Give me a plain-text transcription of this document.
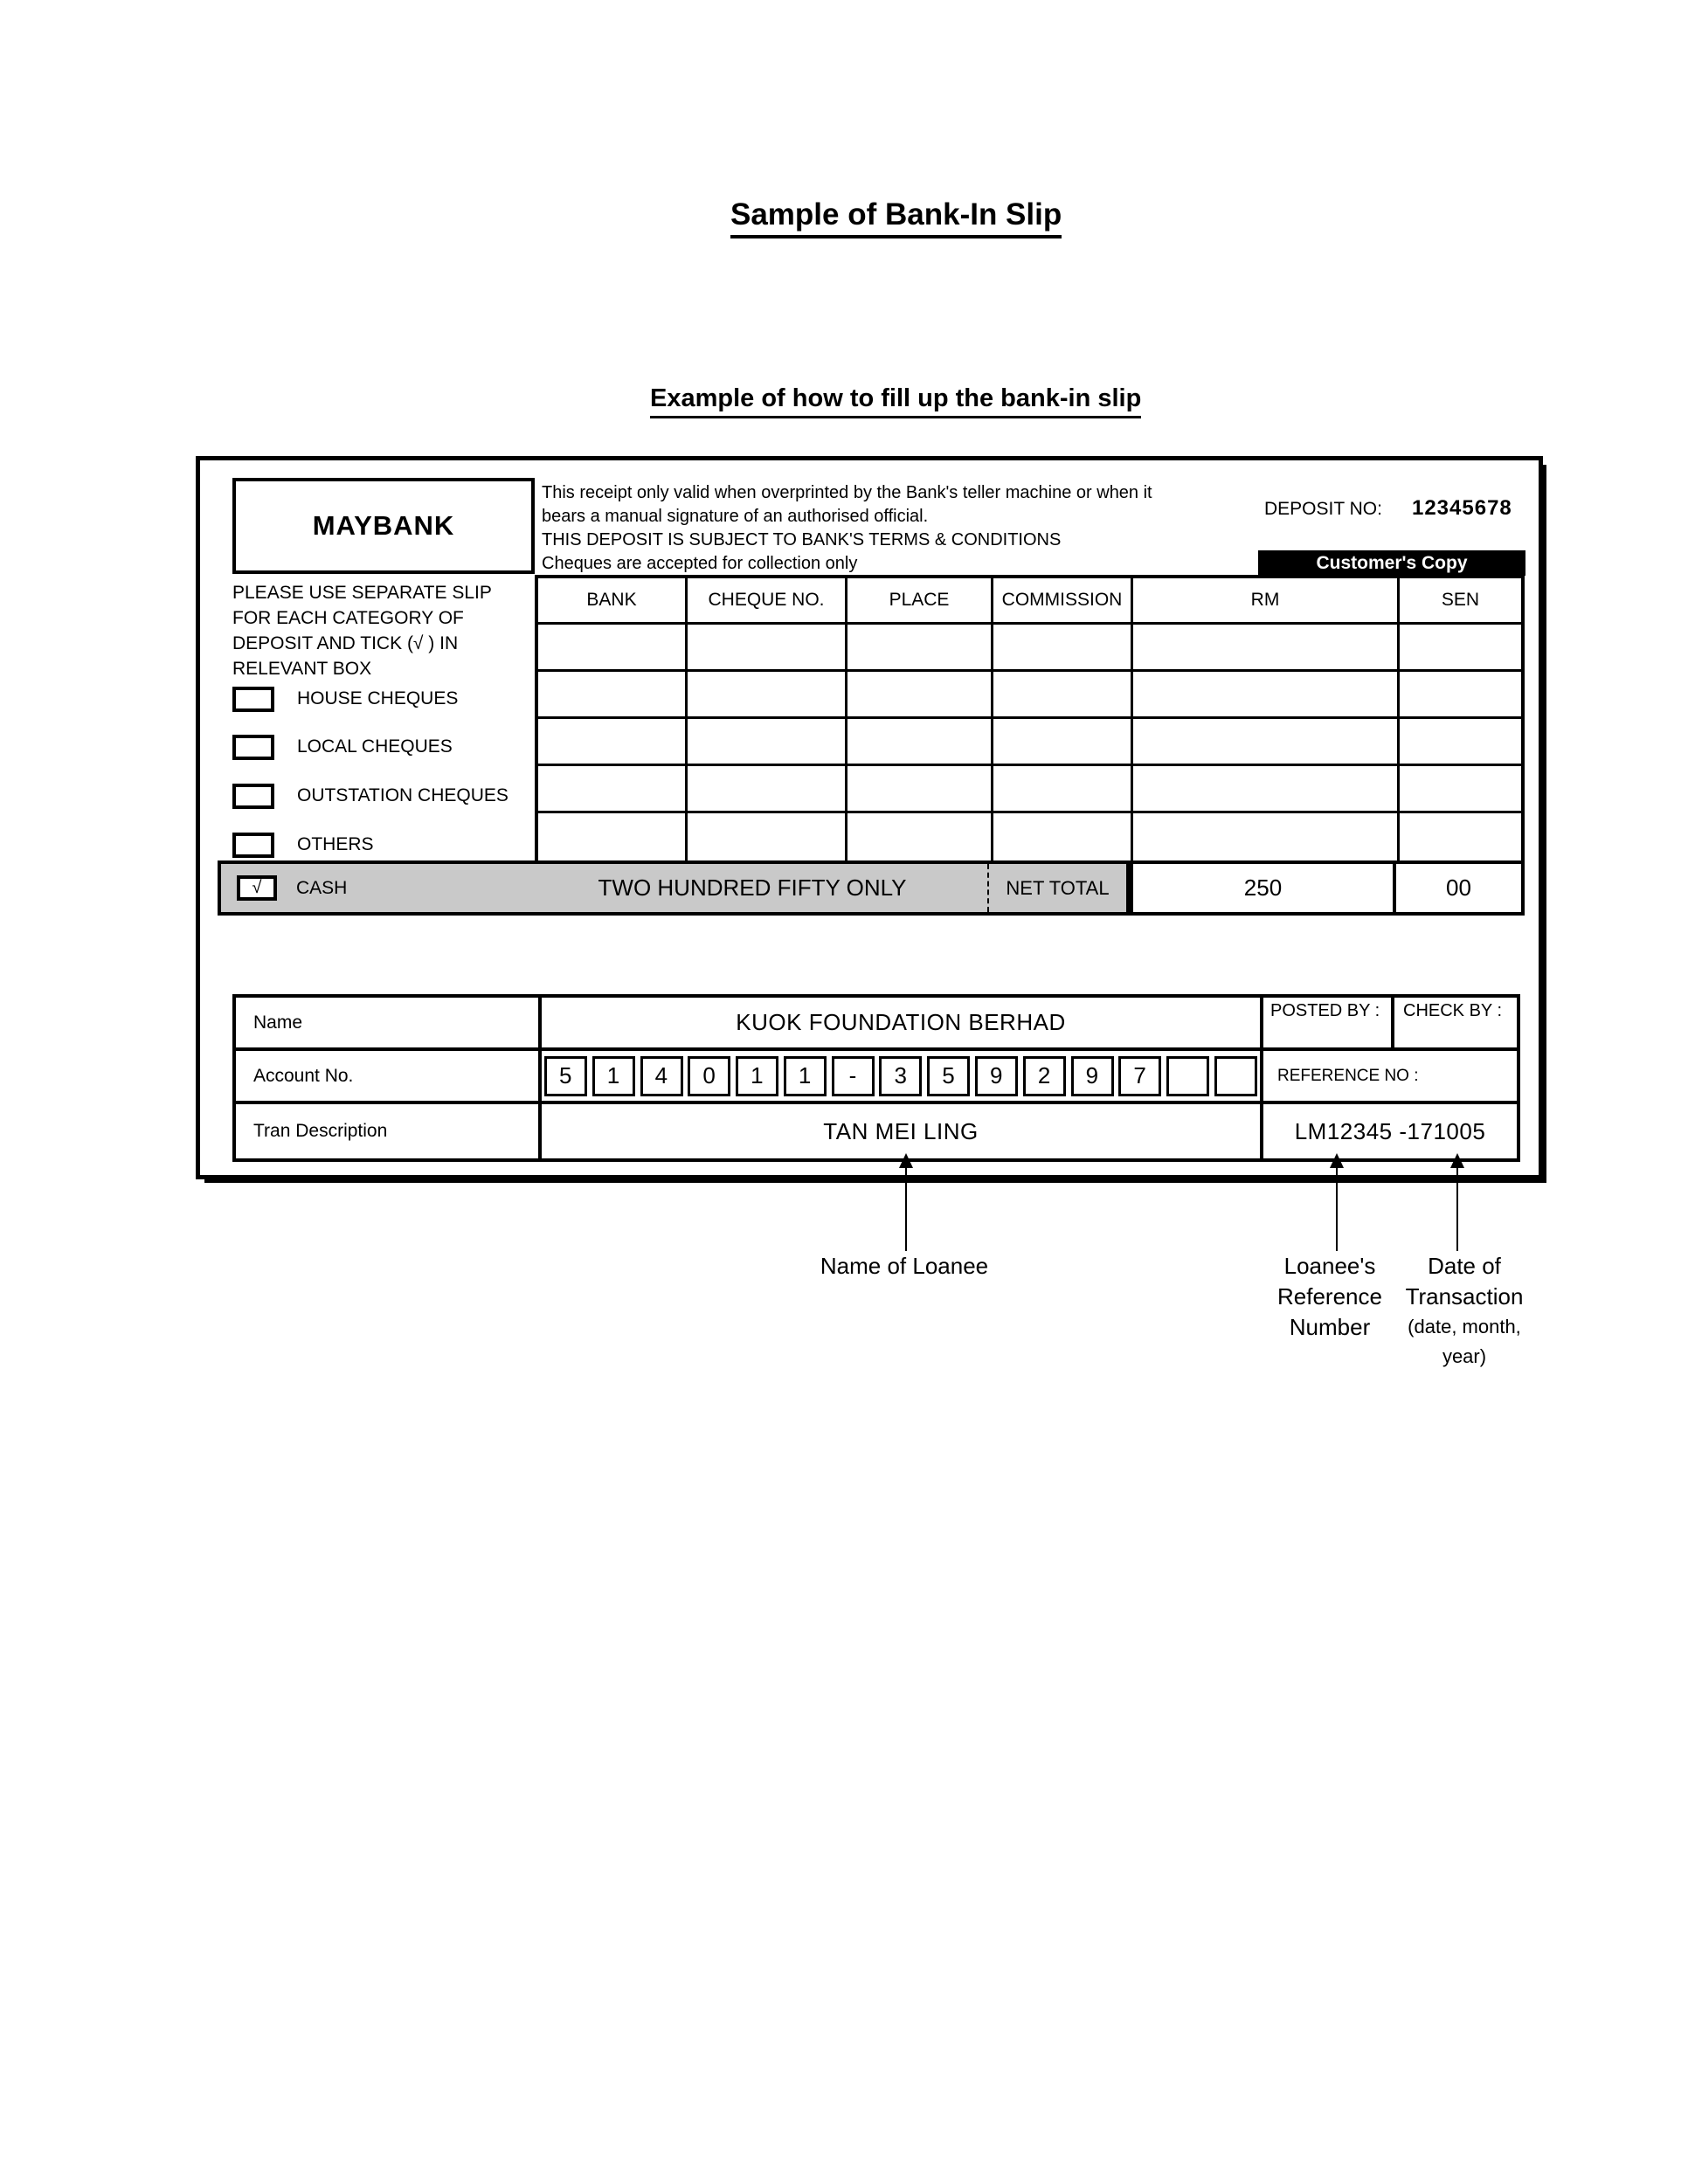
Sample of Bank-In Slip
Example of how to fill up the bank-in slip
MAYBANK
This receipt only valid when overprinted by the Bank's teller machine or when it
bears a manual signature of an authorised official.
THIS DEPOSIT IS SUBJECT TO BANK'S TERMS & CONDITIONS
Cheques are accepted for collection only
DEPOSIT NO: 12345678
Customer's Copy
BANK	CHEQUE NO.	PLACE	COMMISSION	RM	SEN
PLEASE USE SEPARATE SLIP
FOR EACH CATEGORY OF
DEPOSIT AND TICK (√ ) IN
RELEVANT BOX
HOUSE CHEQUES
LOCAL CHEQUES
OUTSTATION CHEQUES
OTHERS
√ CASH	TWO HUNDRED FIFTY ONLY	NET TOTAL	250	00
Name	KUOK FOUNDATION BERHAD	POSTED BY :	CHECK BY :
Account No.	5	1	4	0	1	1	-	3	5	9	2	9	7	REFERENCE NO :
Tran Description	TAN MEI LING	LM12345 -171005
Name of Loanee	Loanee's
Reference
Number
Date of
Transaction
(date, month,
year)
